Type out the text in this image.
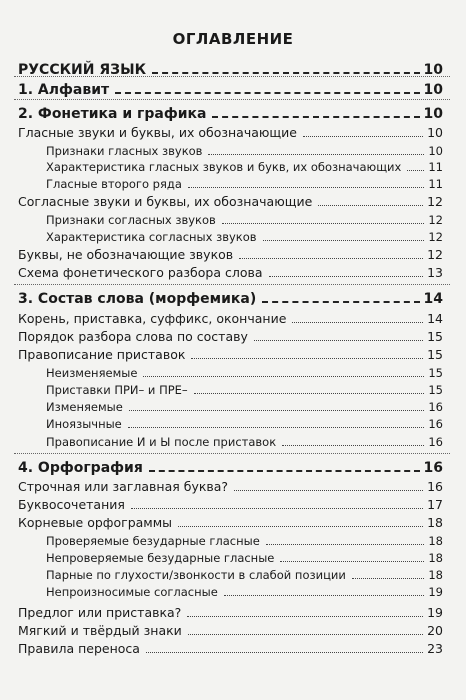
ОГЛАВЛЕНИЕ
РУССКИЙ ЯЗЫК	10
1. Алфавит	10
2. Фонетика и графика	10
Гласные звуки и буквы, их обозначающие	10
Признаки гласных звуков	10
Характеристика гласных звуков и букв, их обозначающих 11
Гласные второго ряда	11
Согласные звуки и буквы, их обозначающие	12
Признаки согласных звуков	12
Характеристика согласных звуков	12
Буквы, не обозначающие звуков	12
Схема фонетического разбора слова	13
3. Состав слова (морфемика)	14
Корень, приставка, суффикс, окончание	14
Порядок разбора слова по составу	15
Правописание приставок	15
Неизменяемые	15
Приставки ПРИ– и ПРЕ–	15
Изменяемые	16
Иноязычные	16
Правописание И и Ы после приставок	16
4. Орфография	16
Строчная или заглавная буква?	16
Буквосочетания	17
Корневые орфограммы	18
Проверяемые безударные гласные	18
Непроверяемые безударные гласные	18
Парные по глухости/звонкости в слабой позиции	18
Непроизносимые согласные	19
Предлог или приставка?	19
Мягкий и твёрдый знаки	20
Правила переноса	23
